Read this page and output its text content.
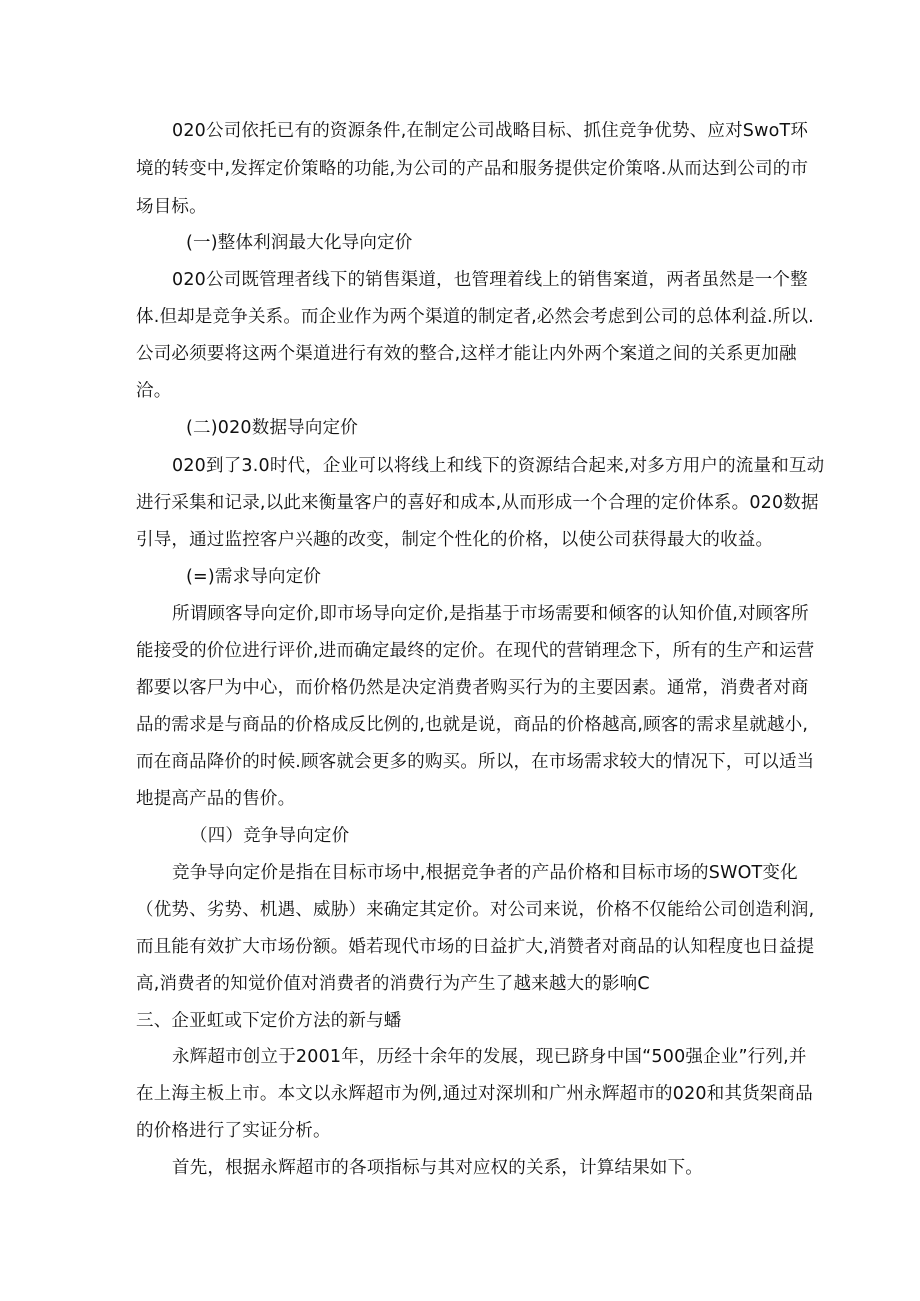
020公司依托已有的资源条件,在制定公司战略目标、抓住竞争优势、应对SwoT环
境的转变中,发挥定价策略的功能,为公司的产品和服务提供定价策咯.从而达到公司的市
场目标。
(一)整体利润最大化导向定价
020公司既管理者线下的销售渠道，也管理着线上的销售案道，两者虽然是一个整
体.但却是竞争关系。而企业作为两个渠道的制定者,必然会考虑到公司的总体利益.所以.
公司必须要将这两个渠道进行有效的整合,这样才能让内外两个案道之间的关系更加融
洽。
(二)020数据导向定价
020到了3.0时代，企业可以将线上和线下的资源结合起来,对多方用户的流量和互动
进行采集和记录,以此来衡量客户的喜好和成本,从而形成一个合理的定价体系。020数据
引导，通过监控客户兴趣的改变，制定个性化的价格，以使公司获得最大的收益。
(=)需求导向定价
所谓顾客导向定价,即市场导向定价,是指基于市场需要和倾客的认知价值,对顾客所
能接受的价位进行评价,进而确定最终的定价。在现代的营销理念下，所有的生产和运营
都要以客尸为中心，而价格仍然是决定消费者购买行为的主要因素。通常，消费者对商
品的需求是与商品的价格成反比例的,也就是说，商品的价格越高,顾客的需求星就越小,
而在商品降价的时候.顾客就会更多的购买。所以，在市场需求较大的情况下，可以适当
地提高产品的售价。
（四）竞争导向定价
竞争导向定价是指在目标市场中,根据竞争者的产品价格和目标市场的SWOT变化
（优势、劣势、机遇、威胁）来确定其定价。对公司来说，价格不仅能给公司创造利润,
而且能有效扩大市场份额。婚若现代市场的日益扩大,消赞者对商品的认知程度也日益提
高,消费者的知觉价值对消费者的消费行为产生了越来越大的影响C
三、企亚虹或下定价方法的新与蟠
永辉超市创立于2001年，历经十余年的发展，现已跻身中国“500强企业”行列,并
在上海主板上市。本文以永辉超市为例,通过对深圳和广州永辉超市的020和其货架商品
的价格进行了实证分析。
首先，根据永辉超市的各项指标与其对应权的关系，计算结果如下。
